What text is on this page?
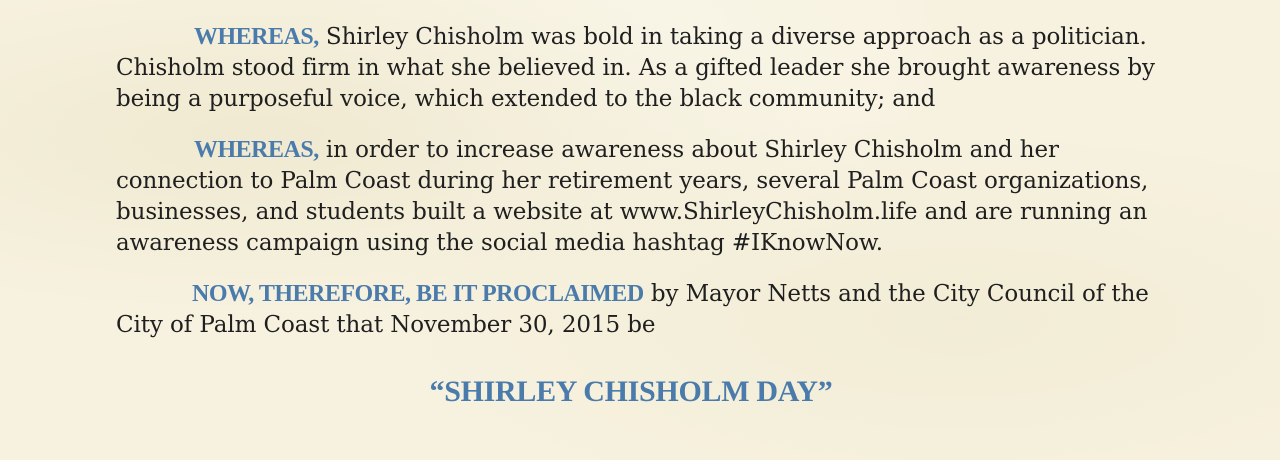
WHEREAS, Shirley Chisholm was bold in taking a diverse approach as a politician. Chisholm stood firm in what she believed in. As a gifted leader she brought awareness by being a purposeful voice, which extended to the black community; and

WHEREAS, in order to increase awareness about Shirley Chisholm and her connection to Palm Coast during her retirement years, several Palm Coast organizations, businesses, and students built a website at www.ShirleyChisholm.life and are running an awareness campaign using the social media hashtag #IKnowNow.

NOW, THEREFORE, BE IT PROCLAIMED by Mayor Netts and the City Council of the City of Palm Coast that November 30, 2015 be

“SHIRLEY CHISHOLM DAY”
